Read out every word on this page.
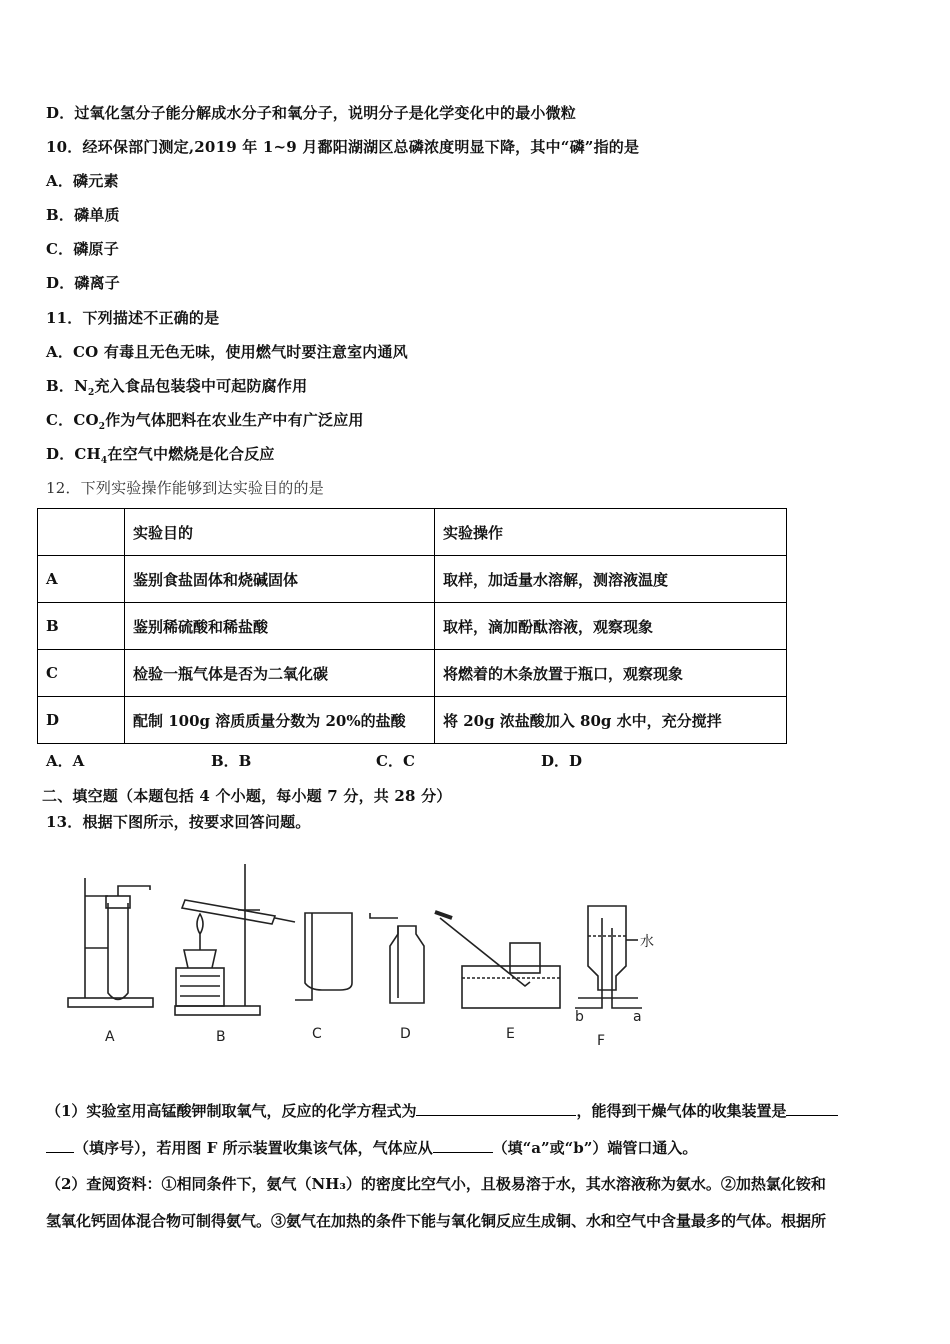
D．过氧化氢分子能分解成水分子和氧分子，说明分子是化学变化中的最小微粒
10．经环保部门测定,2019 年 1~9 月鄱阳湖湖区总磷浓度明显下降，其中“磷”指的是
A．磷元素
B．磷单质
C．磷原子
D．磷离子
11．下列描述不正确的是
A．CO 有毒且无色无味，使用燃气时要注意室内通风
B．$N_2$充入食品包装袋中可起防腐作用
C．$CO_2$作为气体肥料在农业生产中有广泛应用
D．$CH_4$在空气中燃烧是化合反应
12．下列实验操作能够到达实验目的的是
	实验目的	实验操作
A	鉴别食盐固体和烧碱固体	取样，加适量水溶解，测溶液温度
B	鉴别稀硫酸和稀盐酸	取样，滴加酚酞溶液，观察现象
C	检验一瓶气体是否为二氧化碳	将燃着的木条放置于瓶口，观察现象
D	配制 100g 溶质质量分数为 20%的盐酸	将 20g 浓盐酸加入 80g 水中，充分搅拌
A．A	B．B	C．C	D．D
二、填空题（本题包括 4 个小题，每小题 7 分，共 28 分）
13．根据下图所示，按要求回答问题。
A	B	C	D	E	F
水
b	a
（1）实验室用高锰酸钾制取氧气，反应的化学方程式为	，能得到干燥气体的收集装置是
（填序号），若用图 F 所示装置收集该气体，气体应从	（填“a”或“b”）端管口通入。
（2）查阅资料：①相同条件下，氨气（NH₃）的密度比空气小，且极易溶于水，其水溶液称为氨水。②加热氯化铵和
氢氧化钙固体混合物可制得氨气。③氨气在加热的条件下能与氧化铜反应生成铜、水和空气中含量最多的气体。根据所
